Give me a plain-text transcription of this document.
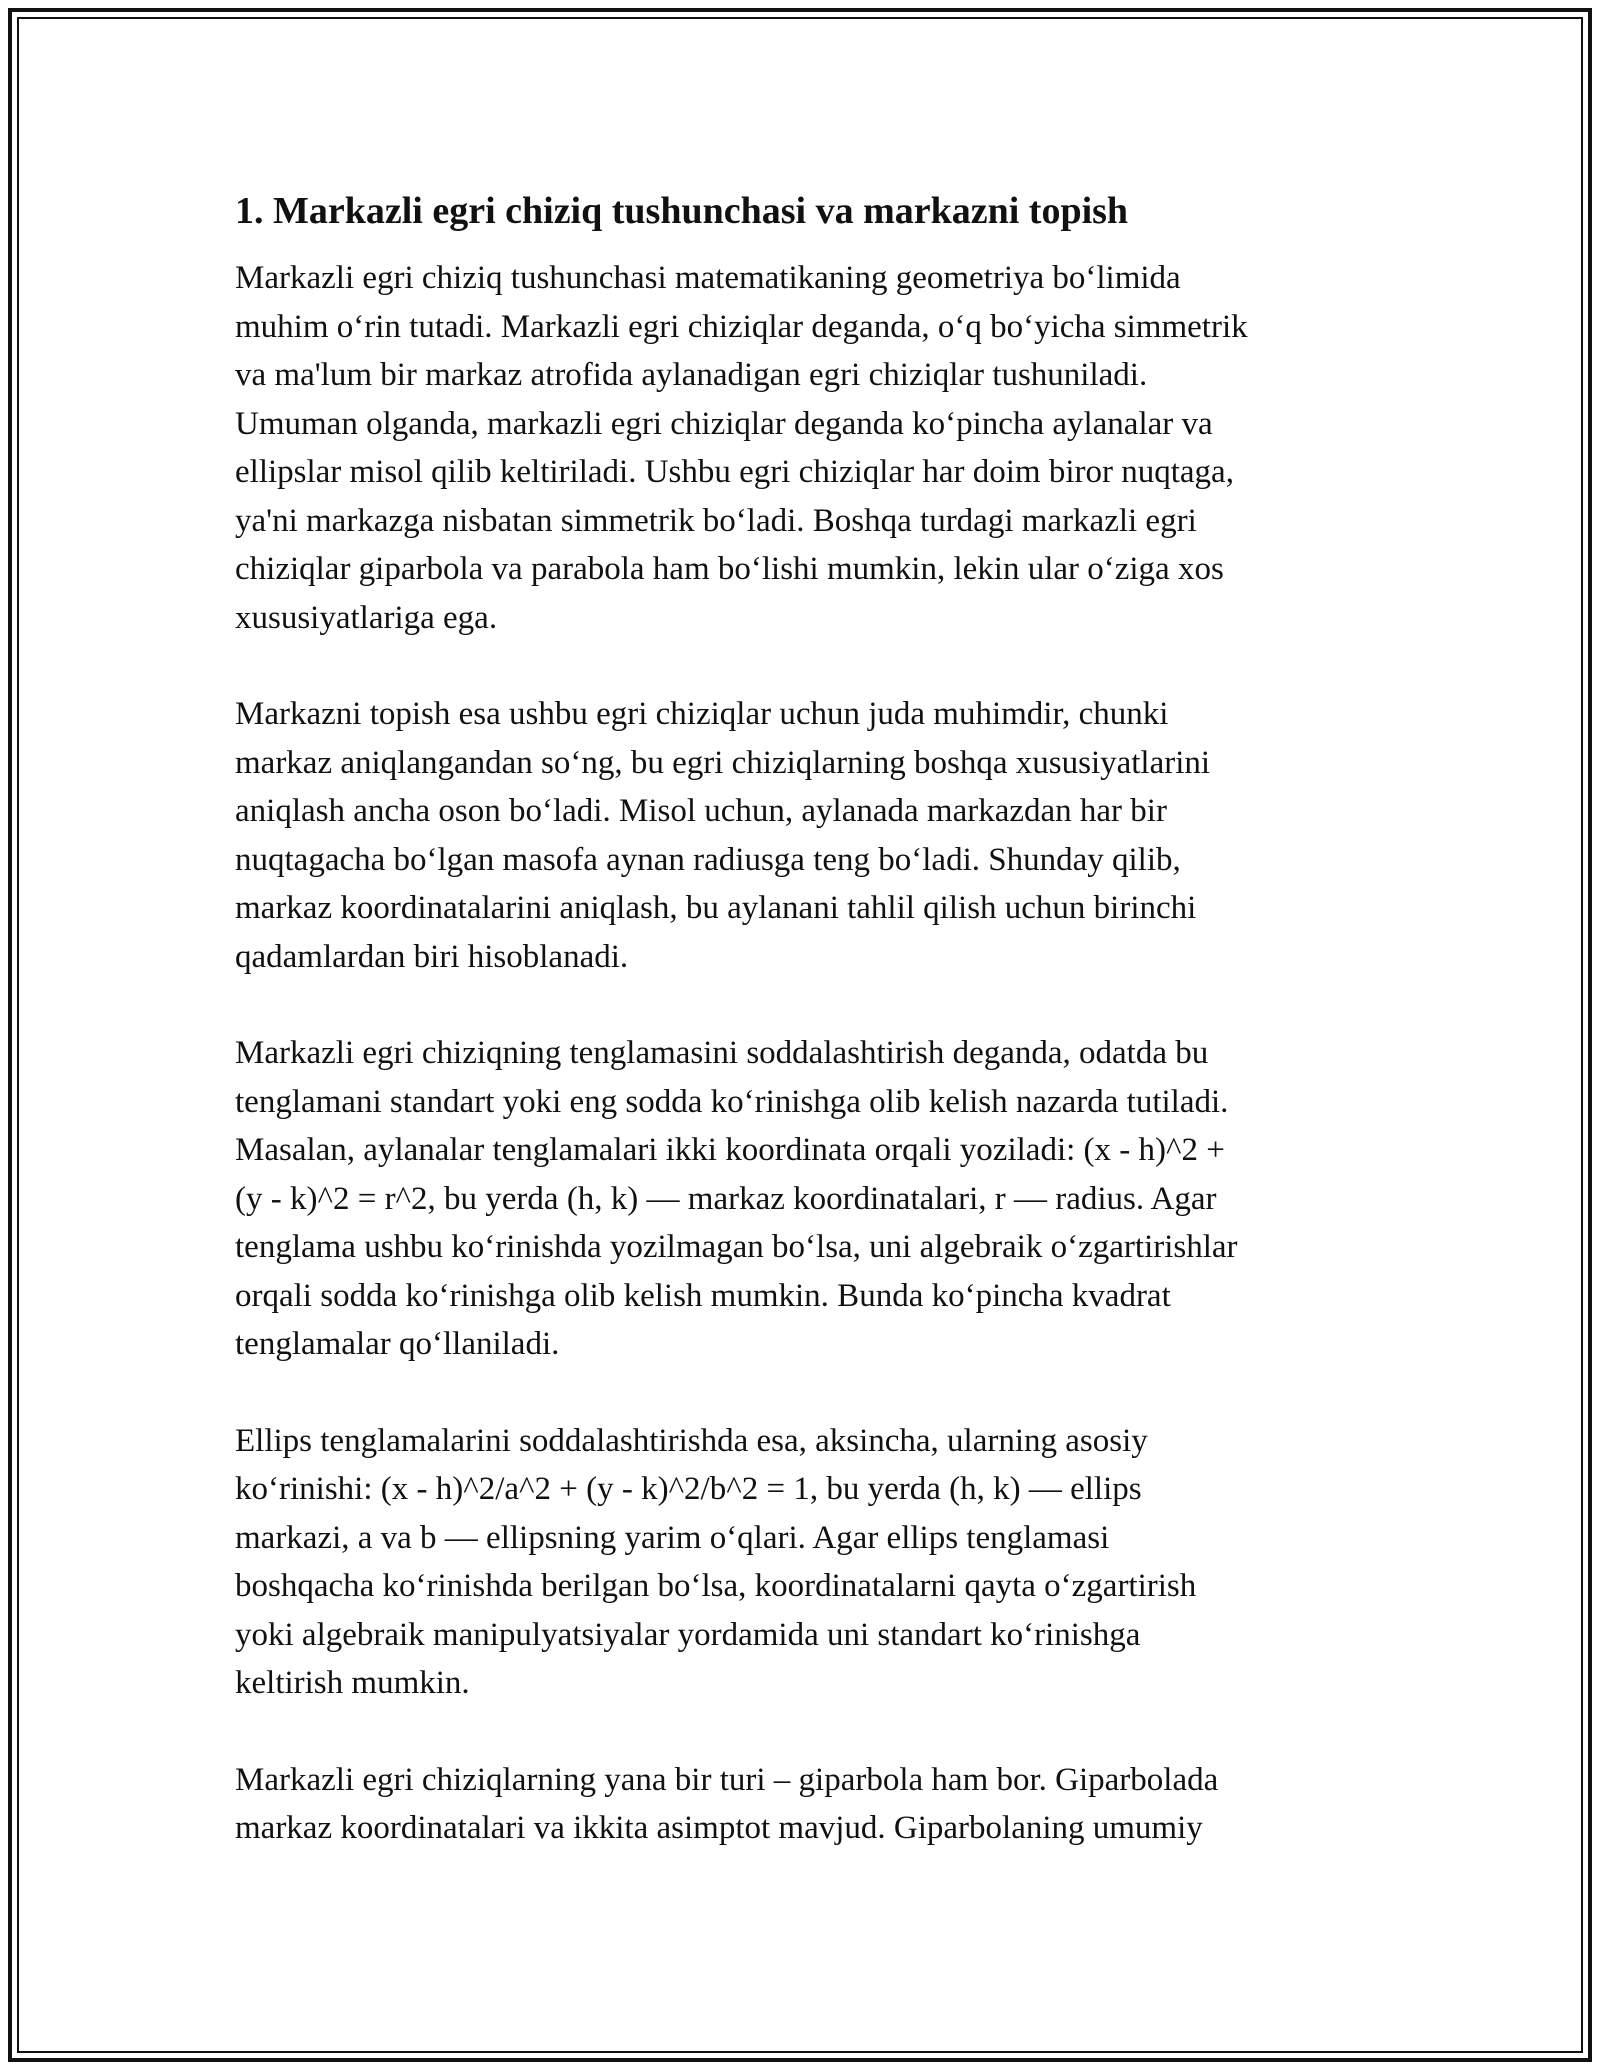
1. Markazli egri chiziq tushunchasi va markazni topish

Markazli egri chiziq tushunchasi matematikaning geometriya bo‘limida
muhim o‘rin tutadi. Markazli egri chiziqlar deganda, o‘q bo‘yicha simmetrik
va ma'lum bir markaz atrofida aylanadigan egri chiziqlar tushuniladi.
Umuman olganda, markazli egri chiziqlar deganda ko‘pincha aylanalar va
ellipslar misol qilib keltiriladi. Ushbu egri chiziqlar har doim biror nuqtaga,
ya'ni markazga nisbatan simmetrik bo‘ladi. Boshqa turdagi markazli egri
chiziqlar giparbola va parabola ham bo‘lishi mumkin, lekin ular o‘ziga xos
xususiyatlariga ega.

Markazni topish esa ushbu egri chiziqlar uchun juda muhimdir, chunki
markaz aniqlangandan so‘ng, bu egri chiziqlarning boshqa xususiyatlarini
aniqlash ancha oson bo‘ladi. Misol uchun, aylanada markazdan har bir
nuqtagacha bo‘lgan masofa aynan radiusga teng bo‘ladi. Shunday qilib,
markaz koordinatalarini aniqlash, bu aylanani tahlil qilish uchun birinchi
qadamlardan biri hisoblanadi.

Markazli egri chiziqning tenglamasini soddalashtirish deganda, odatda bu
tenglamani standart yoki eng sodda ko‘rinishga olib kelish nazarda tutiladi.
Masalan, aylanalar tenglamalari ikki koordinata orqali yoziladi: (x - h)^2 +
(y - k)^2 = r^2, bu yerda (h, k) — markaz koordinatalari, r — radius. Agar
tenglama ushbu ko‘rinishda yozilmagan bo‘lsa, uni algebraik o‘zgartirishlar
orqali sodda ko‘rinishga olib kelish mumkin. Bunda ko‘pincha kvadrat
tenglamalar qo‘llaniladi.

Ellips tenglamalarini soddalashtirishda esa, aksincha, ularning asosiy
ko‘rinishi: (x - h)^2/a^2 + (y - k)^2/b^2 = 1, bu yerda (h, k) — ellips
markazi, a va b — ellipsning yarim o‘qlari. Agar ellips tenglamasi
boshqacha ko‘rinishda berilgan bo‘lsa, koordinatalarni qayta o‘zgartirish
yoki algebraik manipulyatsiyalar yordamida uni standart ko‘rinishga
keltirish mumkin.

Markazli egri chiziqlarning yana bir turi – giparbola ham bor. Giparbolada
markaz koordinatalari va ikkita asimptot mavjud. Giparbolaning umumiy
